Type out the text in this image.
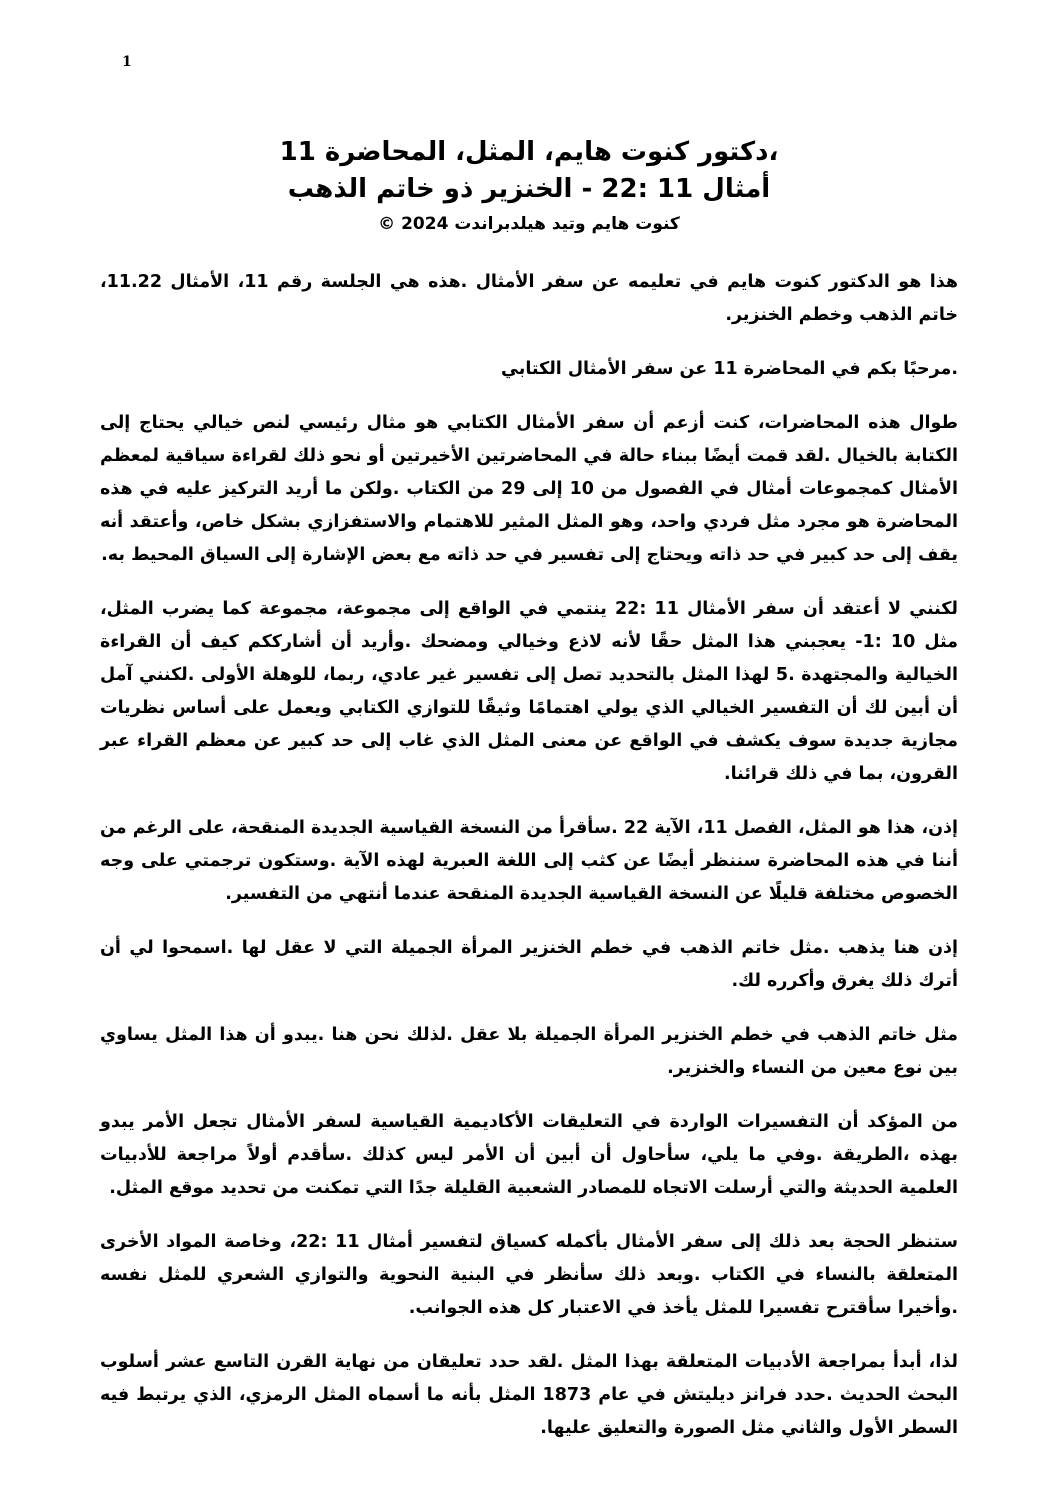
1
،دكتور كنوت هايم، المثل، المحاضرة 11
أمثال 11 :22 - الخنزير ذو خاتم الذهب
كنوت هايم وتيد هيلدبراندت 2024 ©

هذا هو الدكتور كنوت هايم في تعليمه عن سفر الأمثال .هذه هي الجلسة رقم 11، الأمثال 11.22، خاتم الذهب وخطم الخنزير.

.مرحبًا بكم في المحاضرة 11 عن سفر الأمثال الكتابي

طوال هذه المحاضرات، كنت أزعم أن سفر الأمثال الكتابي هو مثال رئيسي لنص خيالي يحتاج إلى الكتابة بالخيال .لقد قمت أيضًا ببناء حالة في المحاضرتين الأخيرتين أو نحو ذلك لقراءة سياقية لمعظم الأمثال كمجموعات أمثال في الفصول من 10 إلى 29 من الكتاب .ولكن ما أريد التركيز عليه في هذه المحاضرة هو مجرد مثل فردي واحد، وهو المثل المثير للاهتمام والاستفزازي بشكل خاص، وأعتقد أنه يقف إلى حد كبير في حد ذاته ويحتاج إلى تفسير في حد ذاته مع بعض الإشارة إلى السياق المحيط به.

لكنني لا أعتقد أن سفر الأمثال 11 :22 ينتمي في الواقع إلى مجموعة، مجموعة كما يضرب المثل، مثل 10 :1- يعجبني هذا المثل حقًا لأنه لاذع وخيالي ومضحك .وأريد أن أشارككم كيف أن القراءة الخيالية والمجتهدة .5 لهذا المثل بالتحديد تصل إلى تفسير غير عادي، ربما، للوهلة الأولى .لكنني آمل أن أبين لك أن التفسير الخيالي الذي يولي اهتمامًا وثيقًا للتوازي الكتابي ويعمل على أساس نظريات مجازية جديدة سوف يكشف في الواقع عن معنى المثل الذي غاب إلى حد كبير عن معظم القراء عبر القرون، بما في ذلك قرائنا.

إذن، هذا هو المثل، الفصل 11، الآية 22 .سأقرأ من النسخة القياسية الجديدة المنقحة، على الرغم من أننا في هذه المحاضرة سننظر أيضًا عن كثب إلى اللغة العبرية لهذه الآية .وستكون ترجمتي على وجه الخصوص مختلفة قليلًا عن النسخة القياسية الجديدة المنقحة عندما أنتهي من التفسير.

إذن هنا يذهب .مثل خاتم الذهب في خطم الخنزير المرأة الجميلة التي لا عقل لها .اسمحوا لي أن أترك ذلك يغرق وأكرره لك.

مثل خاتم الذهب في خطم الخنزير المرأة الجميلة بلا عقل .لذلك نحن هنا .يبدو أن هذا المثل يساوي بين نوع معين من النساء والخنزير.

من المؤكد أن التفسيرات الواردة في التعليقات الأكاديمية القياسية لسفر الأمثال تجعل الأمر يبدو بهذه ،الطريقة .وفي ما يلي، سأحاول أن أبين أن الأمر ليس كذلك .سأقدم أولاً مراجعة للأدبيات العلمية الحديثة والتي أرسلت الاتجاه للمصادر الشعبية القليلة جدًا التي تمكنت من تحديد موقع المثل.

ستنظر الحجة بعد ذلك إلى سفر الأمثال بأكمله كسياق لتفسير أمثال 11 :22، وخاصة المواد الأخرى المتعلقة بالنساء في الكتاب .وبعد ذلك سأنظر في البنية النحوية والتوازي الشعري للمثل نفسه .وأخيرا سأقترح تفسيرا للمثل يأخذ في الاعتبار كل هذه الجوانب.

لذا، أبدأ بمراجعة الأدبيات المتعلقة بهذا المثل .لقد حدد تعليقان من نهاية القرن التاسع عشر أسلوب البحث الحديث .حدد فرانز ديليتش في عام 1873 المثل بأنه ما أسماه المثل الرمزي، الذي يرتبط فيه السطر الأول والثاني مثل الصورة والتعليق عليها.
